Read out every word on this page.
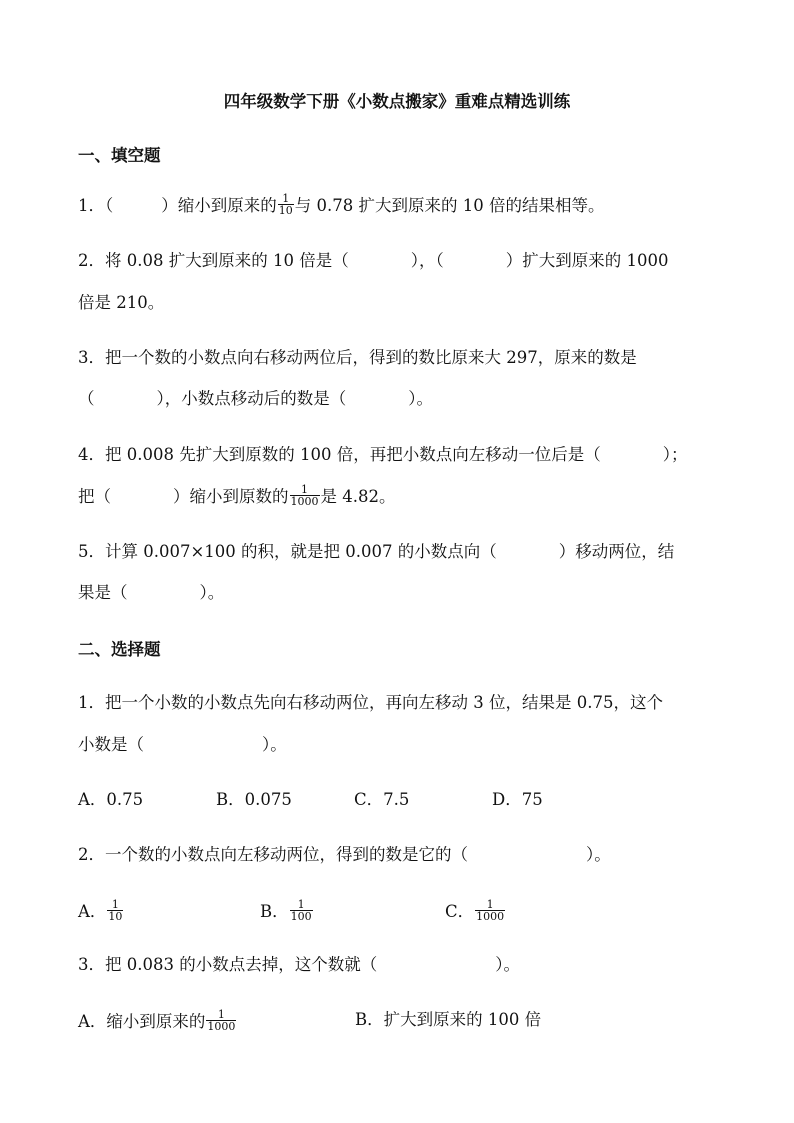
四年级数学下册《小数点搬家》重难点精选训练
一、填空题
1．（	）缩小到原来的 $\frac{1}{10}$ 与 0.78 扩大到原来的 10 倍的结果相等。
2．将 0.08 扩大到原来的 10 倍是（	），（	）扩大到原来的 1000
倍是 210。
3．把一个数的小数点向右移动两位后，得到的数比原来大 297，原来的数是
（	），小数点移动后的数是（	）。
4．把 0.008 先扩大到原数的 100 倍，再把小数点向左移动一位后是（	）；
把（	）缩小到原数的 $\frac{1}{1000}$ 是 4.82。
5．计算 0.007×100 的积，就是把 0.007 的小数点向（	）移动两位，结
果是（	）。
二、选择题
1．把一个小数的小数点先向右移动两位，再向左移动 3 位，结果是 0.75，这个
小数是（	）。
A．0.75	B．0.075	C．7.5	D．75
2．一个数的小数点向左移动两位，得到的数是它的（	）。
A． $\frac{1}{10}$	B． $\frac{1}{100}$	C． $\frac{1}{1000}$
3．把 0.083 的小数点去掉，这个数就（	）。
A．缩小到原来的 $\frac{1}{1000}$	B．扩大到原来的 100 倍
